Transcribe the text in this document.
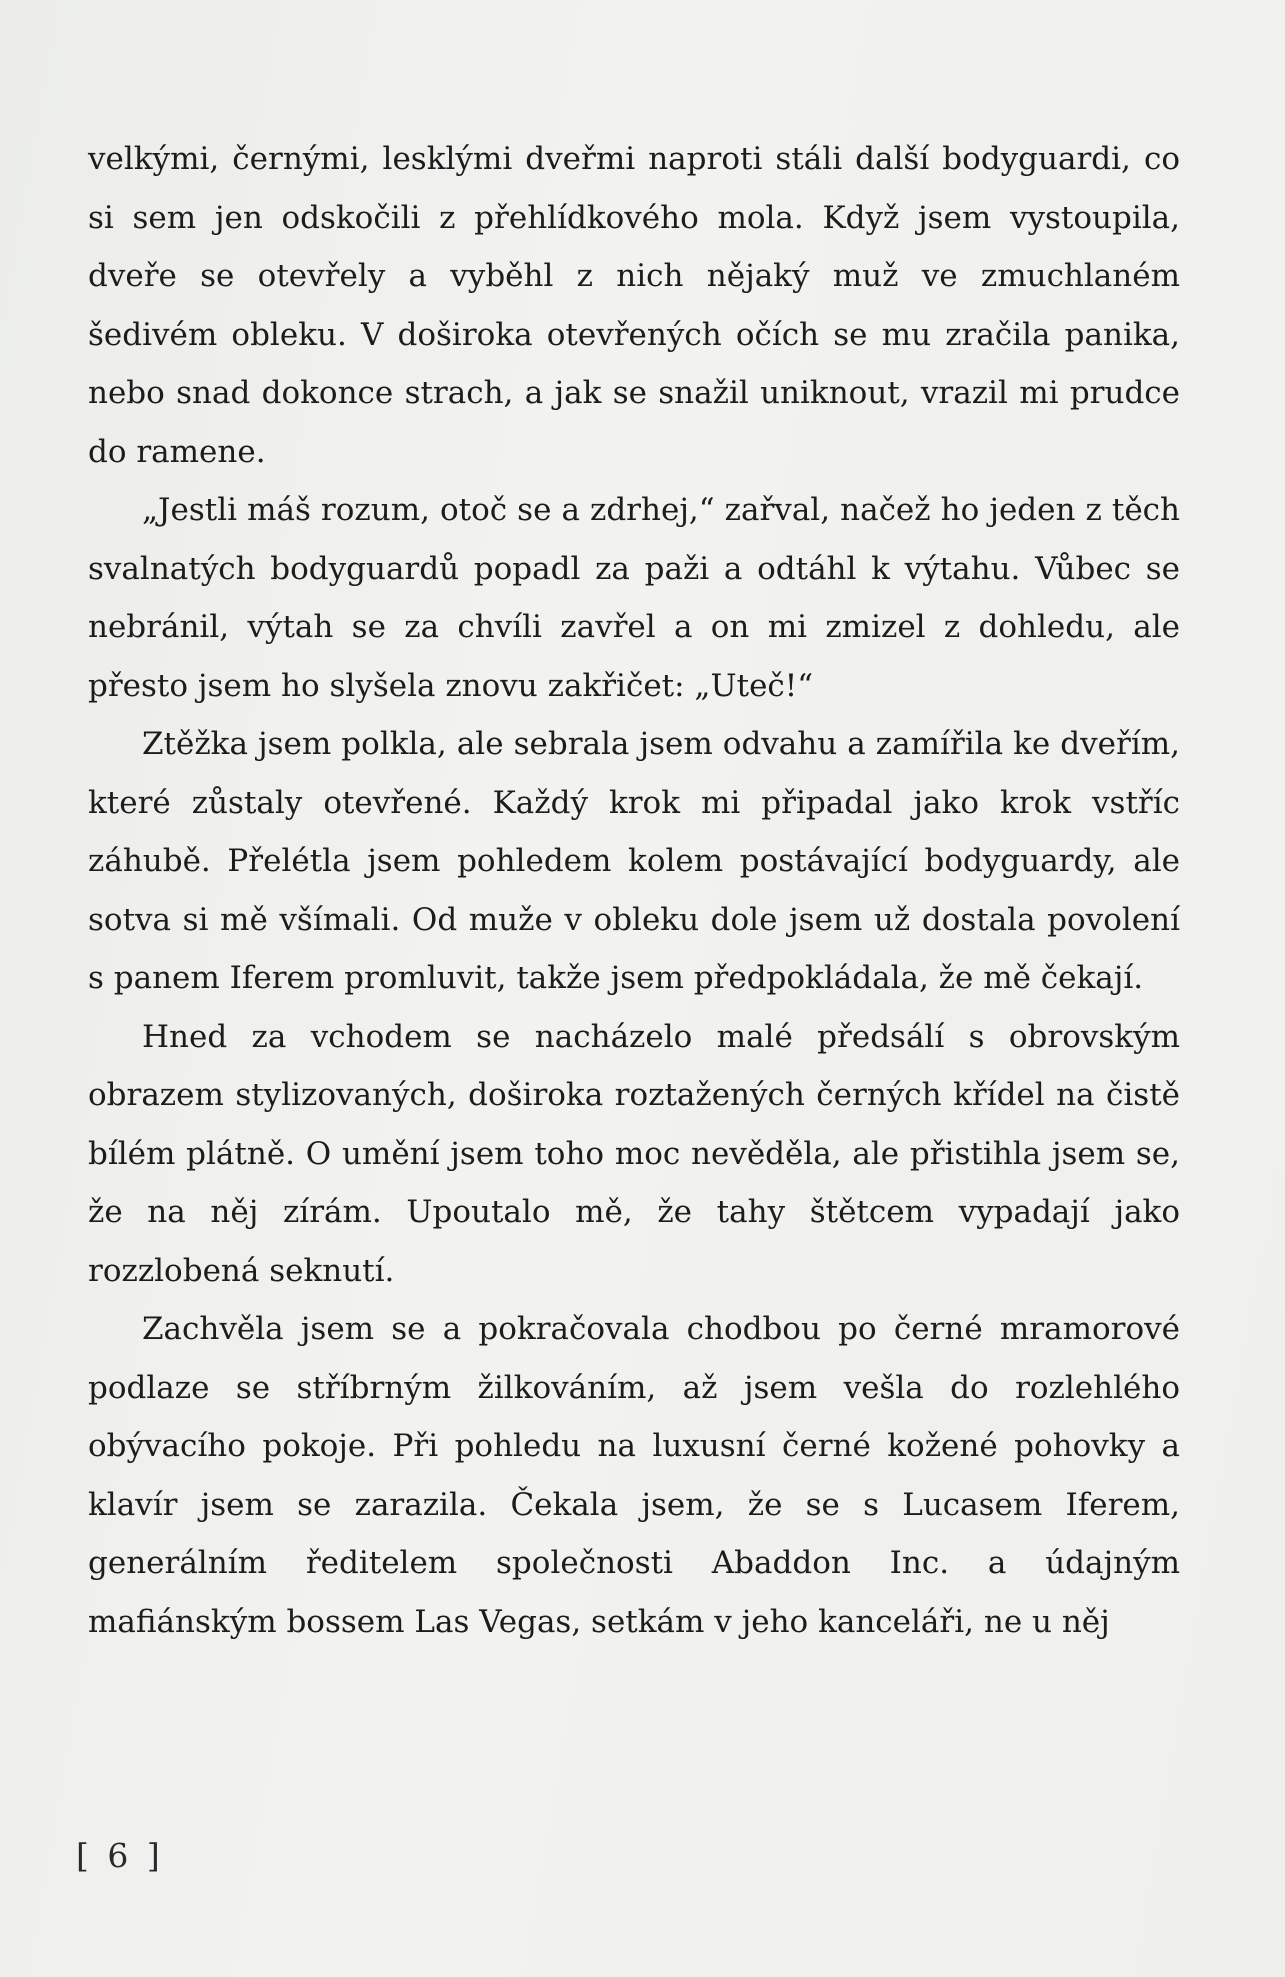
velkými, černými, lesklými dveřmi naproti stáli další bodyguardi, co si sem jen odskočili z přehlídkového mola. Když jsem vystoupila, dveře se otevřely a vyběhl z nich nějaký muž ve zmuchlaném šedivém obleku. V doširoka otevřených očích se mu zračila panika, nebo snad dokonce strach, a jak se snažil uniknout, vrazil mi prudce do ramene.

„Jestli máš rozum, otoč se a zdrhej,“ zařval, načež ho jeden z těch svalnatých bodyguardů popadl za paži a odtáhl k výtahu. Vůbec se nebránil, výtah se za chvíli zavřel a on mi zmizel z dohledu, ale přesto jsem ho slyšela znovu zakřičet: „Uteč!“

Ztěžka jsem polkla, ale sebrala jsem odvahu a zamířila ke dveřím, které zůstaly otevřené. Každý krok mi připadal jako krok vstříc záhubě. Přelétla jsem pohledem kolem postávající bodyguardy, ale sotva si mě všímali. Od muže v obleku dole jsem už dostala povolení s panem Iferem promluvit, takže jsem předpokládala, že mě čekají.

Hned za vchodem se nacházelo malé předsálí s obrovským obrazem stylizovaných, doširoka roztažených černých křídel na čistě bílém plátně. O umění jsem toho moc nevěděla, ale přistihla jsem se, že na něj zírám. Upoutalo mě, že tahy štětcem vypadají jako rozzlobená seknutí.

Zachvěla jsem se a pokračovala chodbou po černé mramorové podlaze se stříbrným žilkováním, až jsem vešla do rozlehlého obývacího pokoje. Při pohledu na luxusní černé kožené pohovky a klavír jsem se zarazila. Čekala jsem, že se s Lucasem Iferem, generálním ředitelem společnosti Abaddon Inc. a údajným mafiánským bossem Las Vegas, setkám v jeho kanceláři, ne u něj

[ 6 ]
